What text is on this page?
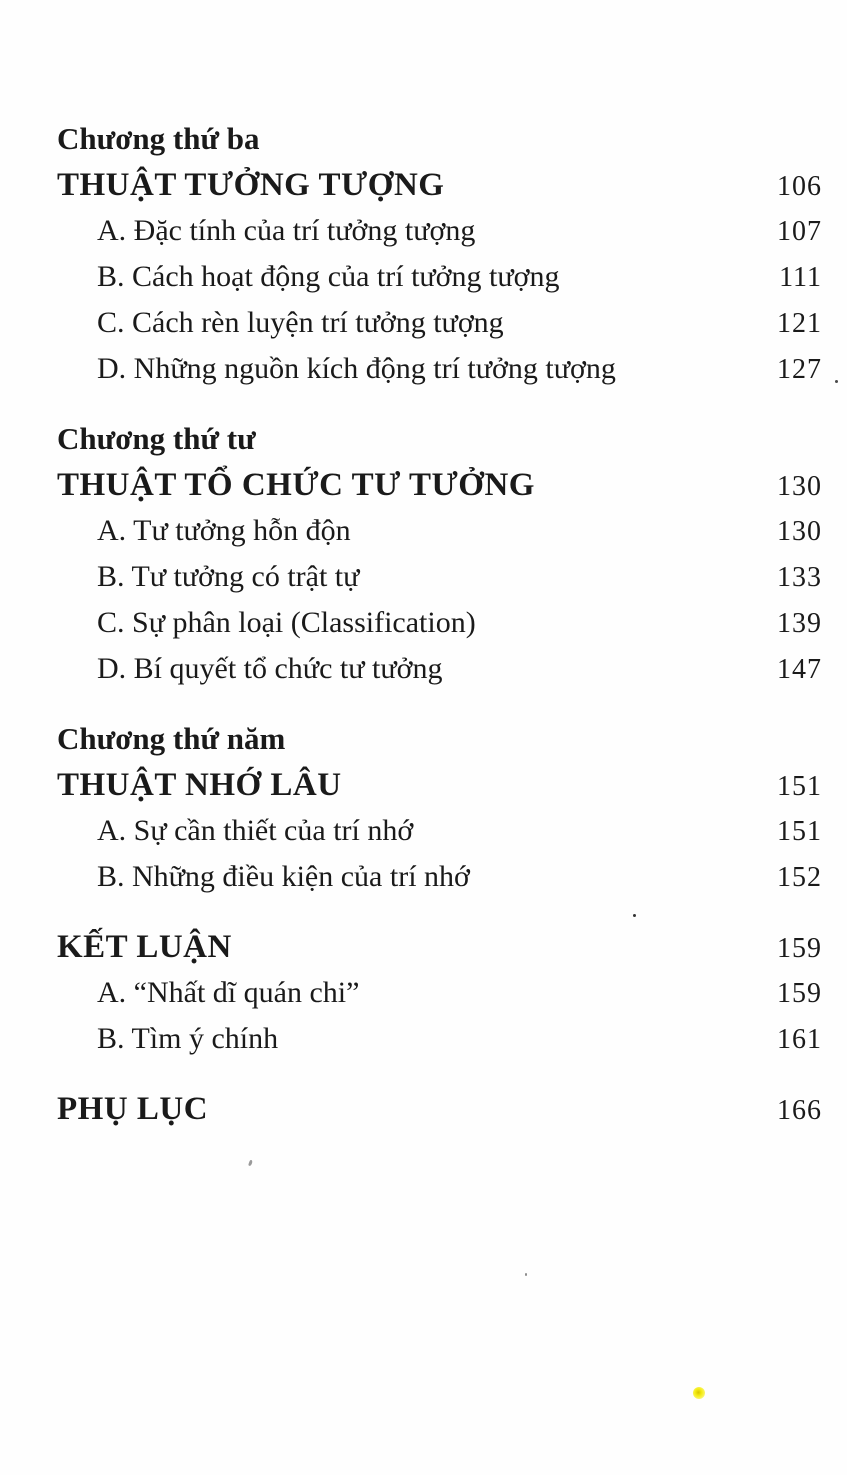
Chương thứ ba
THUẬT TƯỞNG TƯỢNG	106
A. Đặc tính của trí tưởng tượng	107
B. Cách hoạt động của trí tưởng tượng	111
C. Cách rèn luyện trí tưởng tượng	121
D. Những nguồn kích động trí tưởng tượng	127
Chương thứ tư
THUẬT TỔ CHỨC TƯ TƯỞNG	130
A. Tư tưởng hỗn độn	130
B. Tư tưởng có trật tự	133
C. Sự phân loại (Classification)	139
D. Bí quyết tổ chức tư tưởng	147
Chương thứ năm
THUẬT NHỚ LÂU	151
A. Sự cần thiết của trí nhớ	151
B. Những điều kiện của trí nhớ	152
KẾT LUẬN	159
A. “Nhất dĩ quán chi”	159
B. Tìm ý chính	161
PHỤ LỤC	166
